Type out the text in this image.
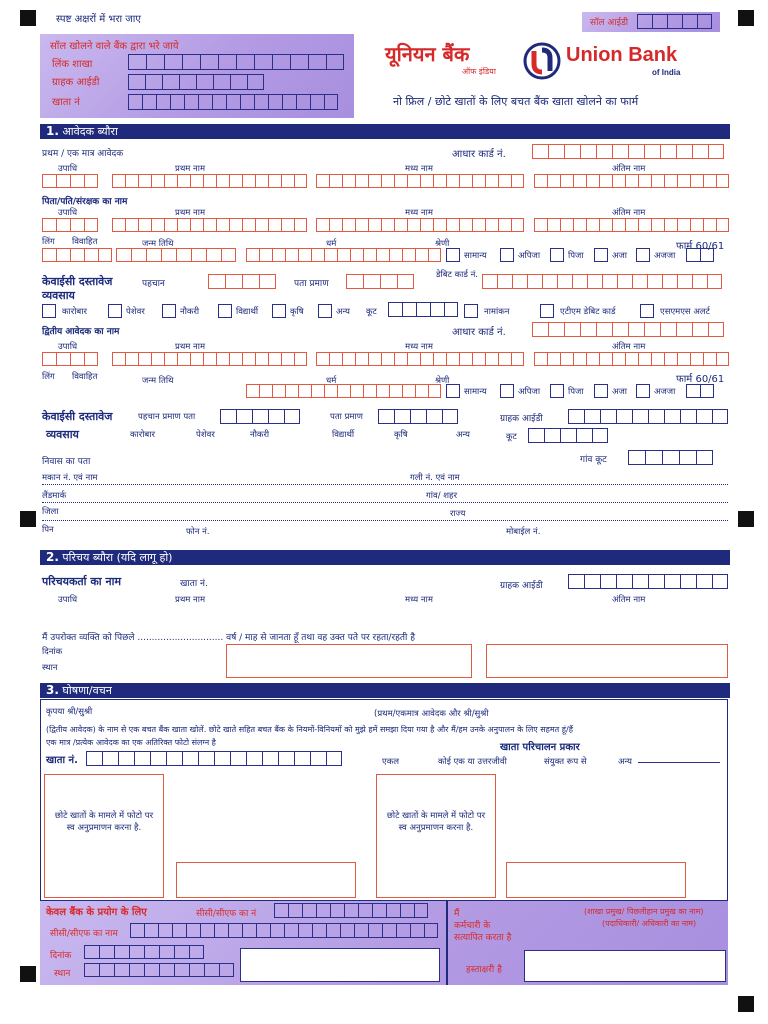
स्पष्ट अक्षरों में भरा जाए	सॉल आईडी
सॉल खोलने वाले बैंक द्वारा भरे जाये
लिंक शाखा
ग्राहक आईडी
खाता नं
यूनियन बैंक
ऑफ इंडिया
Union Bank
of India
नो फ्रिल / छोटे खातों के लिए बचत बैंक खाता खोलने का फार्म
1. आवेदक ब्यौरा
प्रथम / एक मात्र आवेदक	आधार कार्ड नं.
उपाधि	प्रथम नाम	मध्य नाम	अंतिम नाम
पिता/पति/संरक्षक का नाम
उपाधि	प्रथम नाम	मध्य नाम	अंतिम नाम
लिंग विवाहित	जन्म तिथि	धर्म	श्रेणी	फार्म 60/61
सामान्य	अपिजा	पिजा	अजा	अजजा
केवाईसी दस्तावेज	पहचान	पता प्रमाण
डेबिट कार्ड नं.
व्यवसाय
कारोबार	पेशेवर	नौकरी	विद्यार्थी	कृषि	अन्य कूट	नामांकन	एटीएम डेबिट कार्ड	एसएमएस अलर्ट
द्वितीय आवेदक का नाम	आधार कार्ड नं.
उपाधि	प्रथम नाम	मध्य नाम	अंतिम नाम
लिंग विवाहित	जन्म तिथि	धर्म	श्रेणी	फार्म 60/61
सामान्य	अपिजा	पिजा	अजा	अजजा
केवाईसी दस्तावेज	पहचान प्रमाण पता	पता प्रमाण	ग्राहक आईडी
व्यवसाय	कारोबार	पेशेवर	नौकरी	विद्यार्थी	कृषि	अन्य	कूट
निवास का पता	गांव कूट
मकान नं. एवं नाम	गली नं. एवं नाम
लैंडमार्क	गांव/ शहर
जिला	राज्य
पिन	फोन नं.	मोबाईल नं.
2. परिचय ब्यौरा (यदि लागू हो)
परिचयकर्ता का नाम	खाता नं.	ग्राहक आईडी
उपाधि	प्रथम नाम	मध्य नाम	अंतिम नाम
मैं उपरोक्त व्यक्ति को पिछले .............................. वर्ष / माह से जानता हूँ तथा वह उक्त पते पर रहता/रहती है
दिनांक
स्थान
3. घोषणा/वचन
कृपया श्री/सुश्री	(प्रथम/एकमात्र आवेदक और श्री/सुश्री
(द्वितीय आवेदक) के नाम से एक बचत बैंक खाता खोलें. छोटे खाते सहित बचत बैंक के नियमों-विनियमों को मुझे हमें समझा दिया गया है और मैं/हम उनके अनुपालन के लिए सहमत हूं/हैं
एक मात्र /प्रत्येक आवेदक का एक अतिरिक्त फोटो संलग्न है	खाता परिचालन प्रकार
खाता नं.	एकल	कोई एक या उत्तरजीवी	संयुक्त रूप से	अन्य
छोटे खातों के मामले में फोटो पर स्व अनुप्रमाणन करना है.
छोटे खातों के मामले में फोटो पर स्व अनुप्रमाणन करना है.
केवल बैंक के प्रयोग के लिए	सीसी/सीएफ का नं
सीसी/सीएफ का नाम
दिनांक
स्थान
मैं	(शाखा प्रमुख/ पिछलीहान प्रमुख का नाम)
कर्मचारी के	(पदाधिकारी/ अधिकारी का नाम)
सत्यापित करता है
हस्ताक्षरी है
